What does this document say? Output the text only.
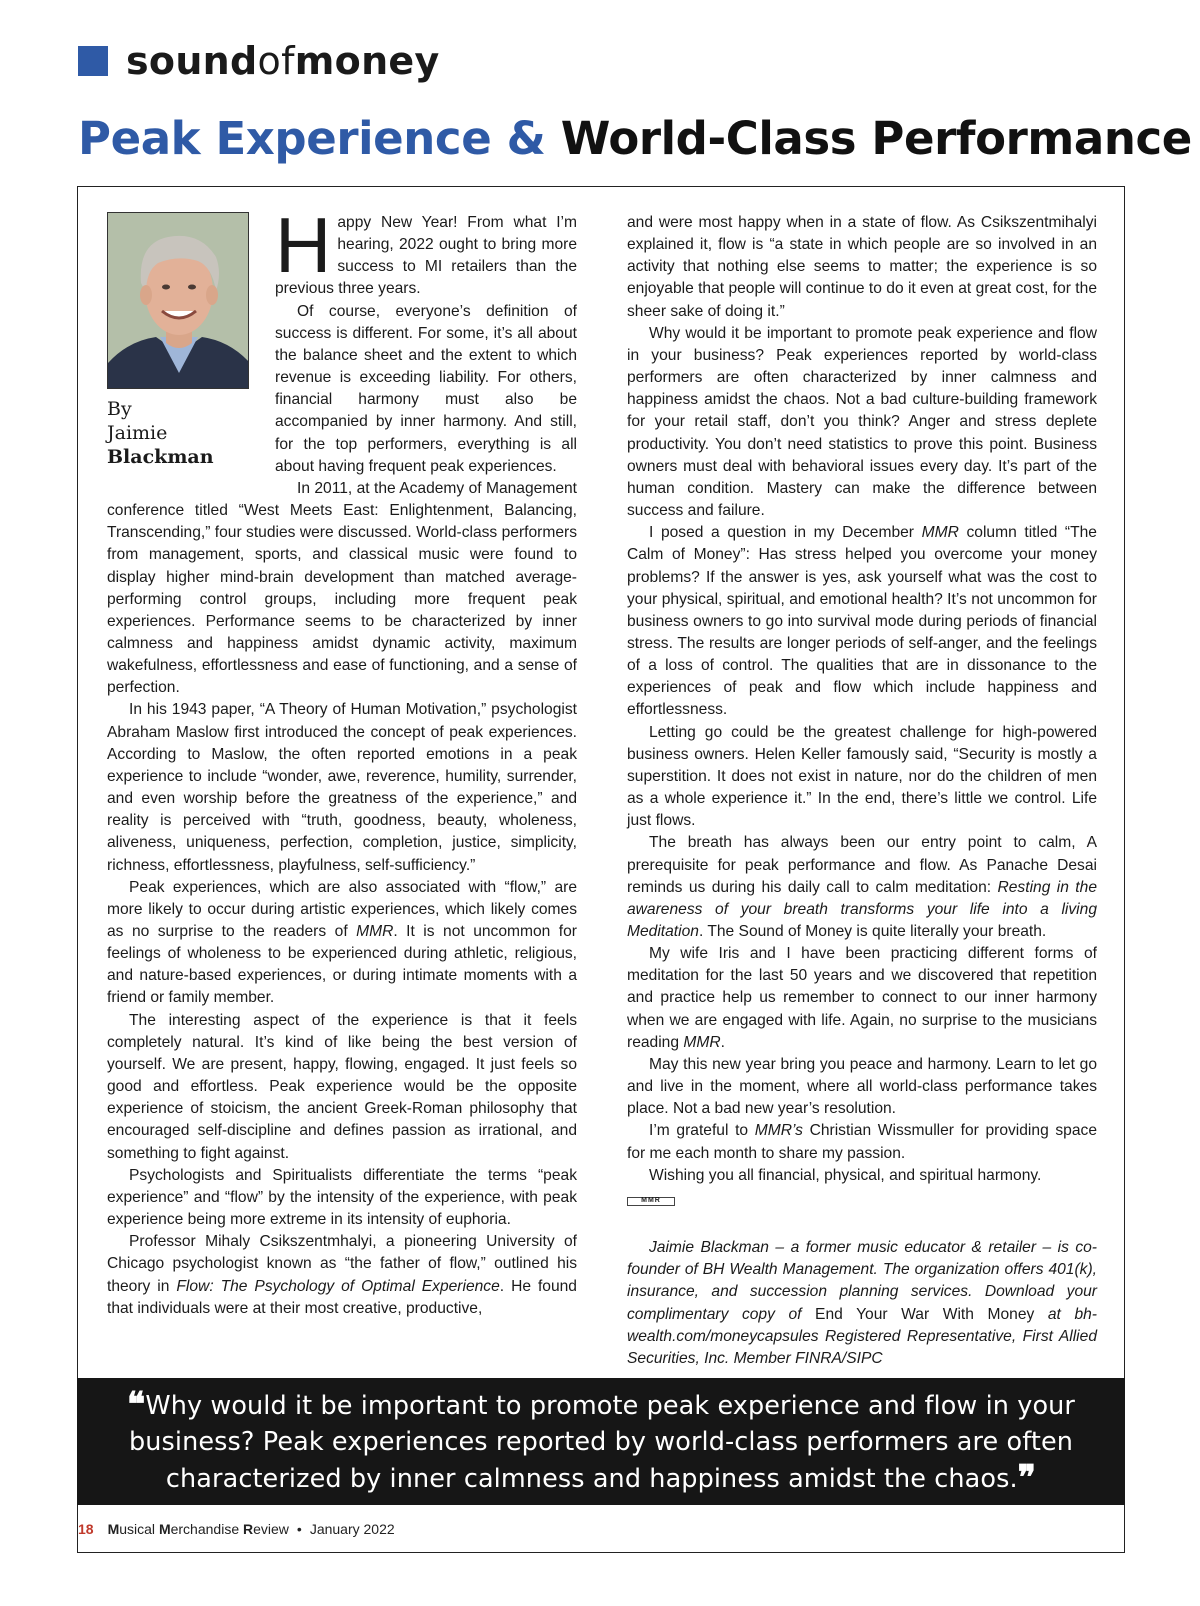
soundofmoney
Peak Experience & World-Class Performance
By
Jaimie
Blackman

Happy New Year! From what I’m hearing, 2022 ought to bring more success to MI retailers than the previous three years.

Of course, everyone’s definition of success is different. For some, it’s all about the balance sheet and the extent to which revenue is exceeding liability. For others, financial harmony must also be accompanied by inner harmony. And still, for the top performers, everything is all about having frequent peak experiences.

In 2011, at the Academy of Management conference titled “West Meets East: Enlightenment, Balancing, Transcending,” four studies were discussed. World-class performers from management, sports, and classical music were found to display higher mind-brain development than matched average-performing control groups, including more frequent peak experiences. Performance seems to be characterized by inner calmness and happiness amidst dynamic activity, maximum wakefulness, effortlessness and ease of functioning, and a sense of perfection.

In his 1943 paper, “A Theory of Human Motivation,” psychologist Abraham Maslow first introduced the concept of peak experiences. According to Maslow, the often reported emotions in a peak experience to include “wonder, awe, reverence, humility, surrender, and even worship before the greatness of the experience,” and reality is perceived with “truth, goodness, beauty, wholeness, aliveness, uniqueness, perfection, completion, justice, simplicity, richness, effortlessness, playfulness, self-sufficiency.”

Peak experiences, which are also associated with “flow,” are more likely to occur during artistic experiences, which likely comes as no surprise to the readers of MMR. It is not uncommon for feelings of wholeness to be experienced during athletic, religious, and nature-based experiences, or during intimate moments with a friend or family member.

The interesting aspect of the experience is that it feels completely natural. It’s kind of like being the best version of yourself. We are present, happy, flowing, engaged. It just feels so good and effortless. Peak experience would be the opposite experience of stoicism, the ancient Greek-Roman philosophy that encouraged self-discipline and defines passion as irrational, and something to fight against.

Psychologists and Spiritualists differentiate the terms “peak experience” and “flow” by the intensity of the experience, with peak experience being more extreme in its intensity of euphoria.

Professor Mihaly Csikszentmhalyi, a pioneering University of Chicago psychologist known as “the father of flow,” outlined his theory in Flow: The Psychology of Optimal Experience. He found that individuals were at their most creative, productive,

and were most happy when in a state of flow. As Csikszentmihalyi explained it, flow is “a state in which people are so involved in an activity that nothing else seems to matter; the experience is so enjoyable that people will continue to do it even at great cost, for the sheer sake of doing it.”

Why would it be important to promote peak experience and flow in your business? Peak experiences reported by world-class performers are often characterized by inner calmness and happiness amidst the chaos. Not a bad culture-building framework for your retail staff, don’t you think? Anger and stress deplete productivity. You don’t need statistics to prove this point. Business owners must deal with behavioral issues every day. It’s part of the human condition. Mastery can make the difference between success and failure.

I posed a question in my December MMR column titled “The Calm of Money”: Has stress helped you overcome your money problems? If the answer is yes, ask yourself what was the cost to your physical, spiritual, and emotional health? It’s not uncommon for business owners to go into survival mode during periods of financial stress. The results are longer periods of self-anger, and the feelings of a loss of control. The qualities that are in dissonance to the experiences of peak and flow which include happiness and effortlessness.

Letting go could be the greatest challenge for high-powered business owners. Helen Keller famously said, “Security is mostly a superstition. It does not exist in nature, nor do the children of men as a whole experience it.” In the end, there’s little we control. Life just flows.

The breath has always been our entry point to calm, A prerequisite for peak performance and flow. As Panache Desai reminds us during his daily call to calm meditation: Resting in the awareness of your breath transforms your life into a living Meditation. The Sound of Money is quite literally your breath.

My wife Iris and I have been practicing different forms of meditation for the last 50 years and we discovered that repetition and practice help us remember to connect to our inner harmony when we are engaged with life. Again, no surprise to the musicians reading MMR.

May this new year bring you peace and harmony. Learn to let go and live in the moment, where all world-class performance takes place. Not a bad new year’s resolution.

I’m grateful to MMR’s Christian Wissmuller for providing space for me each month to share my passion.

Wishing you all financial, physical, and spiritual harmony.

MMR

Jaimie Blackman – a former music educator & retailer – is co-founder of BH Wealth Management. The organization offers 401(k), insurance, and succession planning services. Download your complimentary copy of End Your War With Money at bh-wealth.com/moneycapsules Registered Representative, First Allied Securities, Inc. Member FINRA/SIPC

❝Why would it be important to promote peak experience and flow in your business? Peak experiences reported by world-class performers are often characterized by inner calmness and happiness amidst the chaos.❞
18 Musical Merchandise Review • January 2022
